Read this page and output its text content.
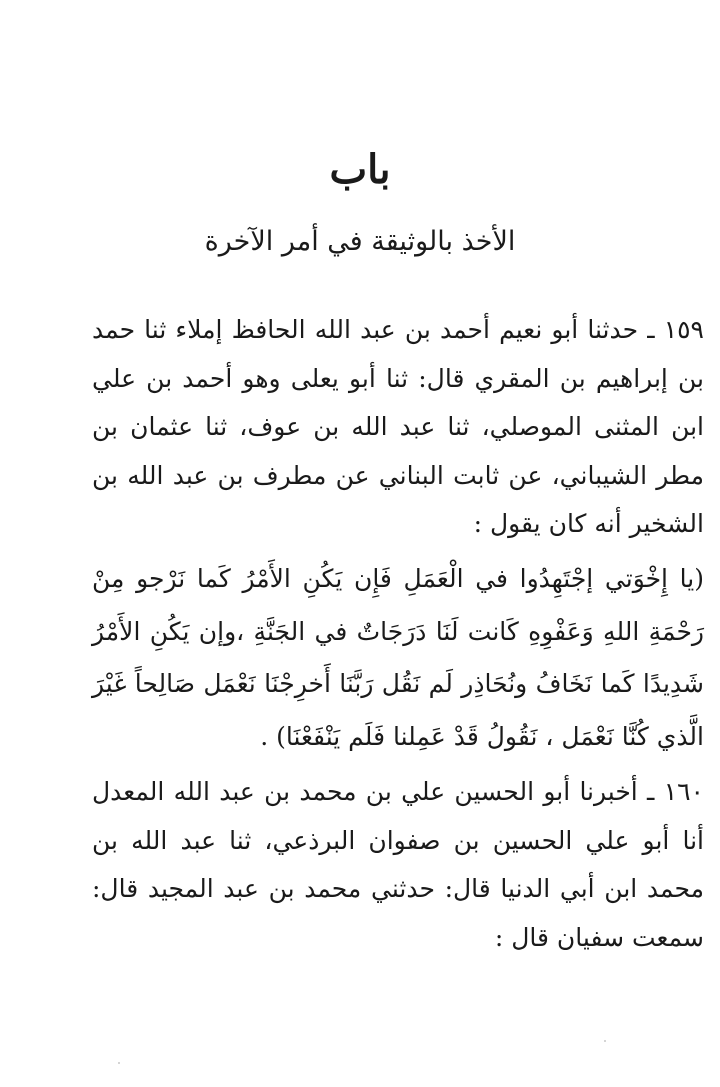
باب
الأخذ بالوثيقة في أمر الآخرة
١٥٩ ـ حدثنا أبو نعيم أحمد بن عبد الله الحافظ إملاء ثنا حمد بن إبراهيم بن المقري قال: ثنا أبو يعلى وهو أحمد بن علي ابن المثنى الموصلي، ثنا عبد الله بن عوف، ثنا عثمان بن مطر الشيباني، عن ثابت البناني عن مطرف بن عبد الله بن الشخير أنه كان يقول :
(يا إِخْوَتي إجْتَهِدُوا في الْعَمَلِ فَإِن يَكُنِ الأَمْرُ كَما نَرْجو مِنْ رَحْمَةِ اللهِ وَعَفْوِهِ كَانت لَنَا دَرَجَاتٌ في الجَنَّةِ ،وإن يَكُنِ الأَمْرُ شَدِيدًا كَما نَخَافُ ونُحَاذِر لَم نَقُل رَبَّنَا أَخرِجْنَا نَعْمَل صَالِحاً غَيْرَ الَّذي كُنَّا نَعْمَل ، نَقُولُ قَدْ عَمِلنا فَلَم يَنْفَعْنَا) .
١٦٠ ـ أخبرنا أبو الحسين علي بن محمد بن عبد الله المعدل أنا أبو علي الحسين بن صفوان البرذعي، ثنا عبد الله بن محمد ابن أبي الدنيا قال: حدثني محمد بن عبد المجيد قال: سمعت سفيان قال :
